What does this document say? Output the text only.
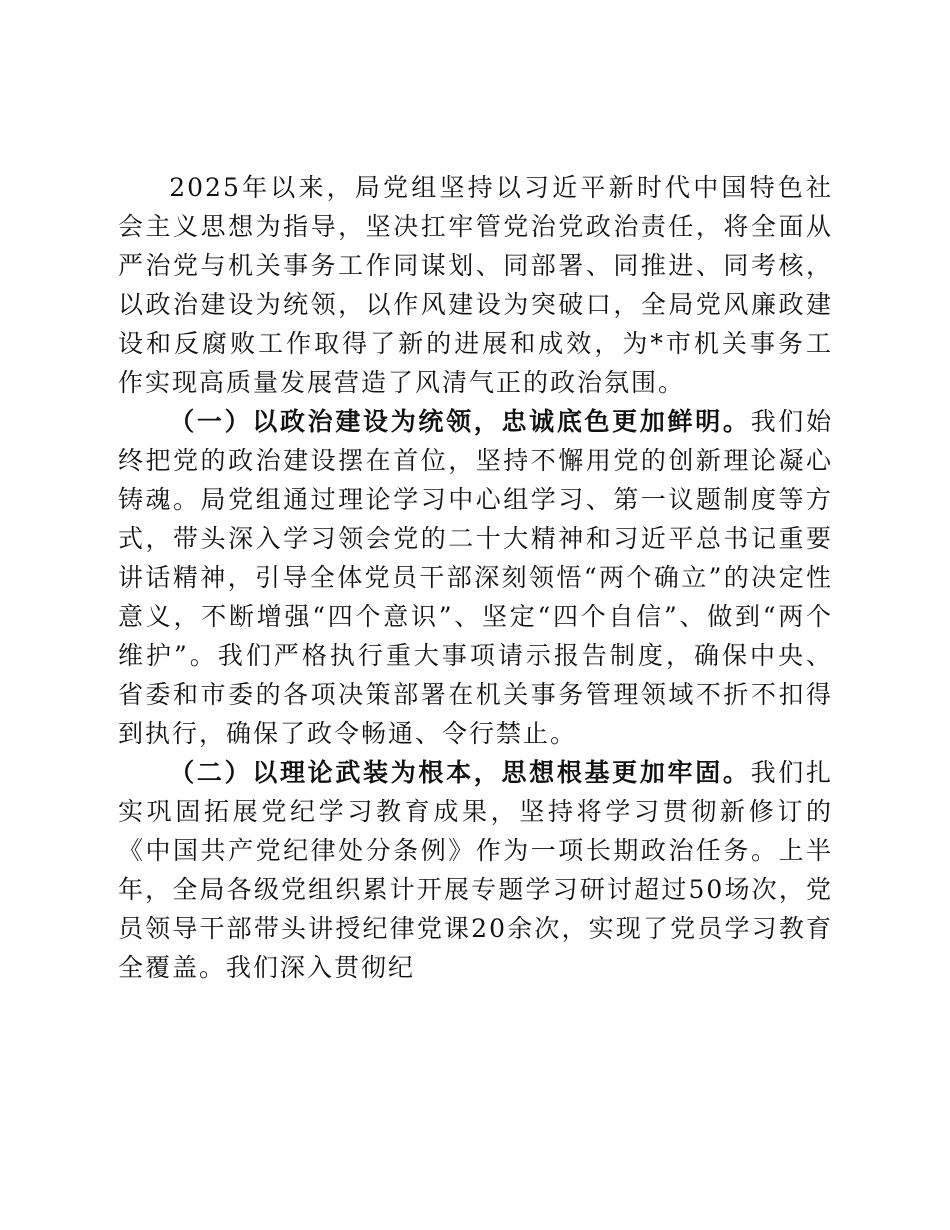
2025年以来，局党组坚持以习近平新时代中国特色社会主义思想为指导，坚决扛牢管党治党政治责任，将全面从严治党与机关事务工作同谋划、同部署、同推进、同考核，以政治建设为统领，以作风建设为突破口，全局党风廉政建设和反腐败工作取得了新的进展和成效，为*市机关事务工作实现高质量发展营造了风清气正的政治氛围。

（一）以政治建设为统领，忠诚底色更加鲜明。我们始终把党的政治建设摆在首位，坚持不懈用党的创新理论凝心铸魂。局党组通过理论学习中心组学习、第一议题制度等方式，带头深入学习领会党的二十大精神和习近平总书记重要讲话精神，引导全体党员干部深刻领悟“两个确立”的决定性意义，不断增强“四个意识”、坚定“四个自信”、做到“两个维护”。我们严格执行重大事项请示报告制度，确保中央、省委和市委的各项决策部署在机关事务管理领域不折不扣得到执行，确保了政令畅通、令行禁止。

（二）以理论武装为根本，思想根基更加牢固。我们扎实巩固拓展党纪学习教育成果，坚持将学习贯彻新修订的《中国共产党纪律处分条例》作为一项长期政治任务。上半年，全局各级党组织累计开展专题学习研讨超过50场次，党员领导干部带头讲授纪律党课20余次，实现了党员学习教育全覆盖。我们深入贯彻纪
